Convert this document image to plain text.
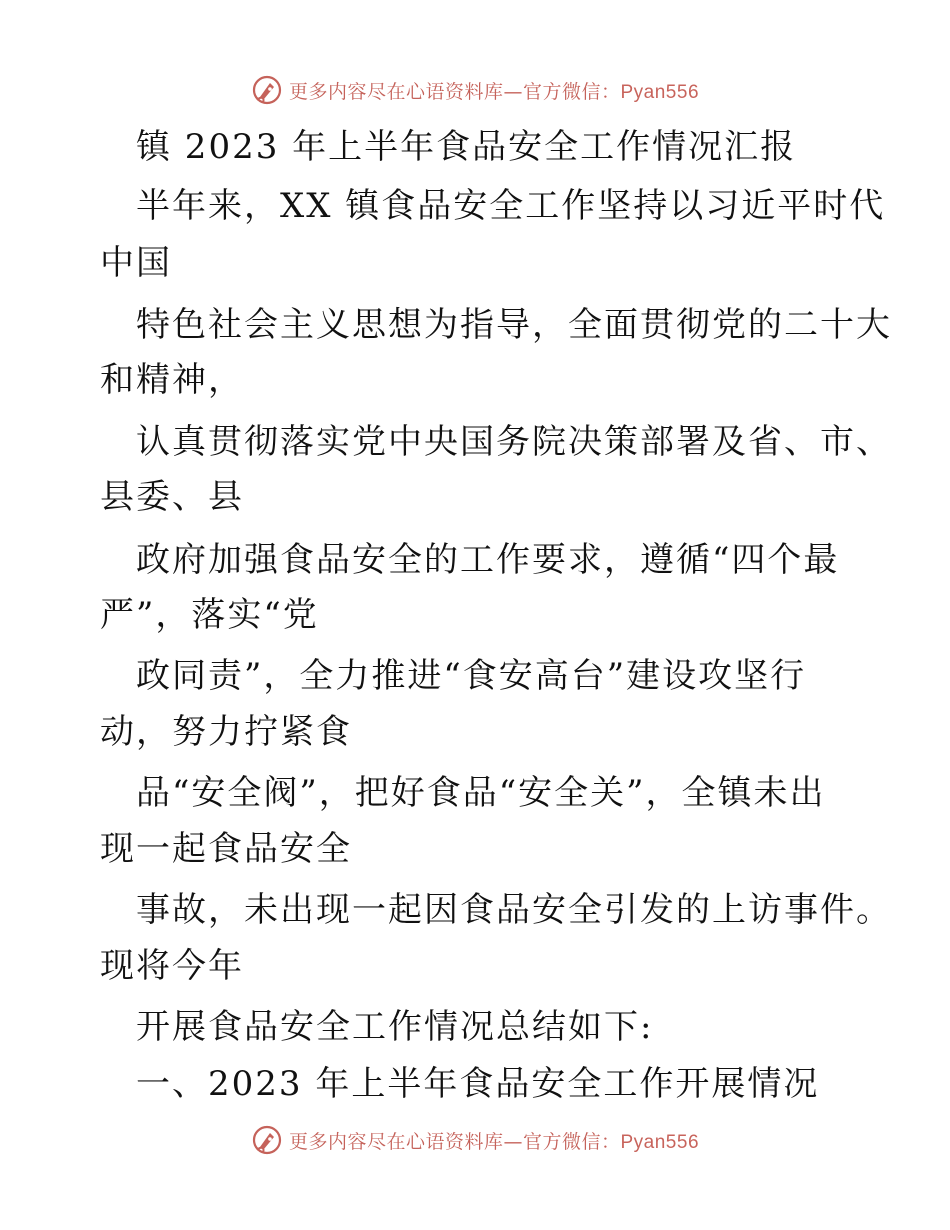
更多内容尽在心语资料库—官方微信：Pyan556
镇 2023 年上半年食品安全工作情况汇报
半年来，XX 镇食品安全工作坚持以习近平时代
中国
特色社会主义思想为指导，全面贯彻党的二十大
和精神，
认真贯彻落实党中央国务院决策部署及省、市、
县委、县
政府加强食品安全的工作要求，遵循“四个最
严”，落实“党
政同责”，全力推进“食安高台”建设攻坚行
动，努力拧紧食
品“安全阀”，把好食品“安全关”，全镇未出
现一起食品安全
事故，未出现一起因食品安全引发的上访事件。
现将今年
开展食品安全工作情况总结如下:
一、2023 年上半年食品安全工作开展情况
更多内容尽在心语资料库—官方微信：Pyan556
